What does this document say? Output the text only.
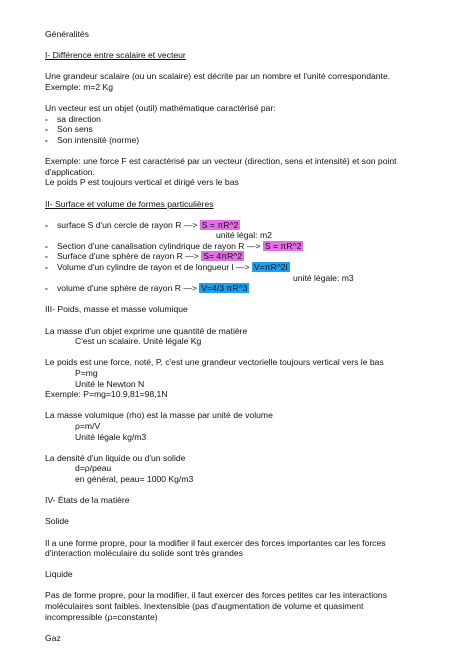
Généralités

I- Différence entre scalaire et vecteur

Une grandeur scalaire (ou un scalaire) est décrite par un nombre et l'unité correspondante.

Exemple: m=2 Kg

Un vecteur est un objet (outil) mathématique caractérisé par:

- sa direction

- Son sens

- Son intensité (norme)

Exemple: une force F est caractérisé par un vecteur (direction, sens et intensité) et son point

d'application.

Le poids P est toujours vertical et dirigé vers le bas

II- Surface et volume de formes particulières

- surface S d'un cercle de rayon R —> S = πR^2

unité légal: m2

- Section d'une canalisation cylindrique de rayon R —> S = πR^2

- Surface d'une sphère de rayon R —> S= 4πR^2

- Volume d'un cylindre de rayon et de longueur l —> V=πR^2l

unité légale: m3

- volume d'une sphère de rayon R —> V=4/3 πR^3

III- Poids, masse et masse volumique

La masse d'un objet exprime une quantité de matière

C'est un scalaire. Unité légale Kg

Le poids est une force, noté, P, c'est une grandeur vectorielle toujours vertical vers le bas

P=mg

Unité le Newton N

Exemple: P=mg=10.9,81=98,1N

La masse volumique (rho) est la masse par unité de volume

ρ=m/V

Unité légale kg/m3

La densité d'un liquide ou d'un solide

d=ρ/peau

en général, peau= 1000 Kg/m3

IV- États de la matière

Solide

Il a une forme propre, pour la modifier il faut exercer des forces importantes car les forces

d'interaction moléculaire du solide sont très grandes

Liquide

Pas de forme propre, pour la modifier, il faut exercer des forces petites car les interactions

moléculaires sont faibles. Inextensible (pas d'augmentation de volume et quasiment

incompressible (ρ=constante)

Gaz
